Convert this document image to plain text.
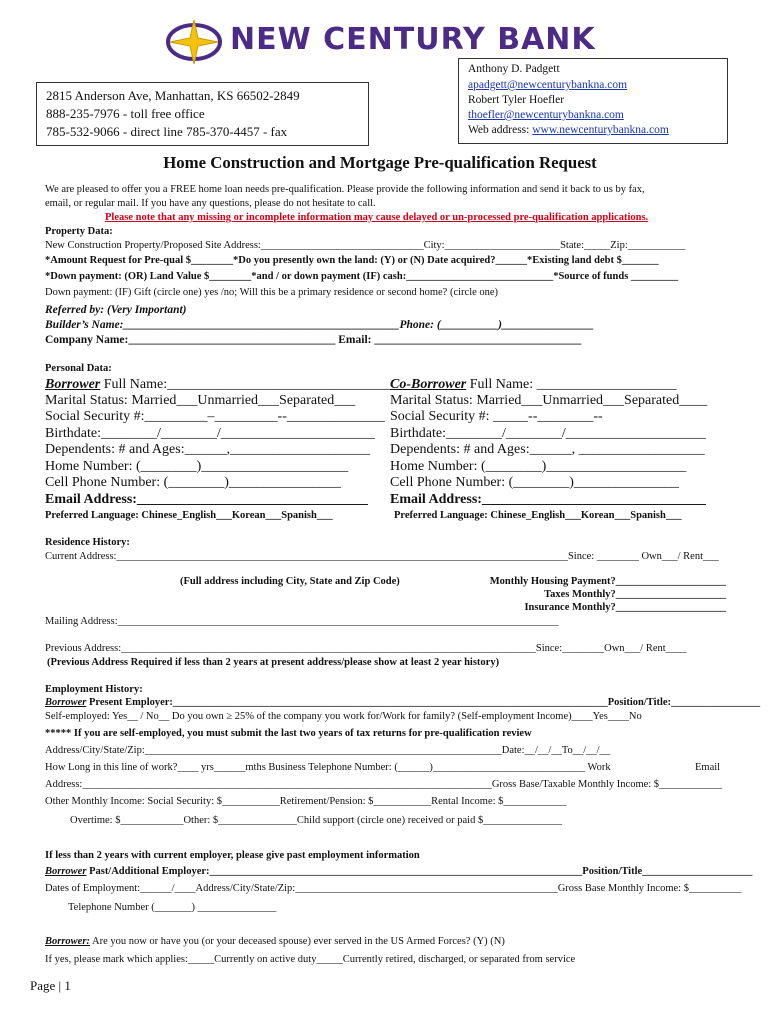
NEW CENTURY BANK
2815 Anderson Ave, Manhattan, KS 66502-2849
888-235-7976 - toll free office
785-532-9066 - direct line 785-370-4457 - fax
Anthony D. Padgett
apadgett@newcenturybankna.com
Robert Tyler Hoefler
thoefler@newcenturybankna.com
Web address: www.newcenturybankna.com
Home Construction and Mortgage Pre-qualification Request
We are pleased to offer you a FREE home loan needs pre-qualification. Please provide the following information and send it back to us by fax,
email, or regular mail. If you have any questions, please do not hesitate to call.
Please note that any missing or incomplete information may cause delayed or un-processed pre-qualification applications.
Property Data:
New Construction Property/Proposed Site Address:_______________________________City:______________________State:_____Zip:___________
*Amount Request for Pre-qual $________*Do you presently own the land: (Y) or (N) Date acquired?______*Existing land debt $_______
*Down payment: (OR) Land Value $________*and / or down payment (IF) cash:____________________________*Source of funds _________
Down payment: (IF) Gift (circle one) yes /no; Will this be a primary residence or second home? (circle one)
Referred by: (Very Important)
Builder’s Name:________________________________________________Phone: (__________)________________
Company Name:____________________________________ Email: ____________________________________
Personal Data:
Borrower Full Name:__________________________________
Marital Status: Married___Unmarried___Separated___
Social Security #:_________–_________--______________
Birthdate:________/________/______________________
Dependents: # and Ages:______,____________________
Home Number: (________)_____________________
Cell Phone Number: (________)________________
Email Address:_________________________________
Preferred Language: Chinese_English___Korean___Spanish___
Co-Borrower Full Name: ____________________
Marital Status: Married___Unmarried___Separated____
Social Security #: _____--________--
Birthdate:________/________/____________________
Dependents: # and Ages:______, __________________
Home Number: (________)____________________
Cell Phone Number: (________)_______________
Email Address:________________________________
Preferred Language: Chinese_English___Korean___Spanish___
Residence History:
Current Address:______________________________________________________________________________________Since: ________ Own___/ Rent___
(Full address including City, State and Zip Code)	Monthly Housing Payment?_____________________
Taxes Monthly?_____________________
Insurance Monthly?_____________________
Mailing Address:____________________________________________________________________________________
Previous Address:_______________________________________________________________________________Since:________Own___/ Rent____
(Previous Address Required if less than 2 years at present address/please show at least 2 year history)
Employment History:
Borrower Present Employer:___________________________________________________________________________________Position/Title:_________________
Self-employed: Yes__ / No__ Do you own ≥ 25% of the company you work for/Work for family? (Self-employment Income)____Yes____No
***** If you are self-employed, you must submit the last two years of tax returns for pre-qualification review
Address/City/State/Zip:____________________________________________________________________Date:__/__/__To__/__/__
How Long in this line of work?____ yrs______mths Business Telephone Number: (______)_____________________________ Work	Email
Address:______________________________________________________________________________Gross Base/Taxable Monthly Income: $____________
Other Monthly Income: Social Security: $___________Retirement/Pension: $___________Rental Income: $____________
Overtime: $____________Other: $_______________Child support (circle one) received or paid $_______________
If less than 2 years with current employer, please give past employment information
Borrower Past/Additional Employer:_______________________________________________________________________Position/Title_____________________
Dates of Employment:______/____Address/City/State/Zip:__________________________________________________Gross Base Monthly Income: $__________
Telephone Number (_______) _______________
Borrower: Are you now or have you (or your deceased spouse) ever served in the US Armed Forces? (Y) (N)
If yes, please mark which applies:_____Currently on active duty_____Currently retired, discharged, or separated from service
Page | 1
